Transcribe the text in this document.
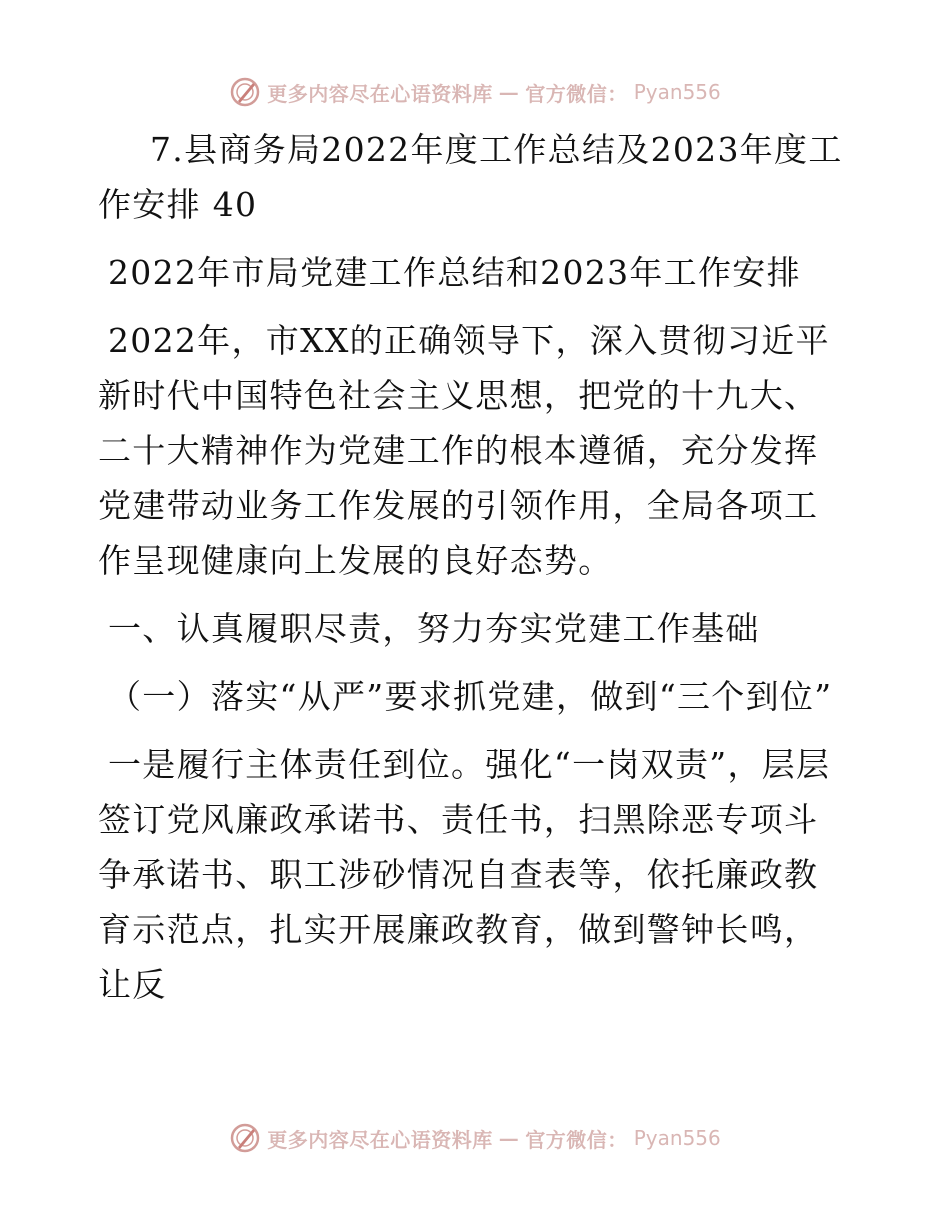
更多内容尽在心语资料库 — 官方微信： Pyan556

7.县商务局2022年度工作总结及2023年度工作安排 40

2022年市局党建工作总结和2023年工作安排

2022年，市XX的正确领导下，深入贯彻习近平新时代中国特色社会主义思想，把党的十九大、二十大精神作为党建工作的根本遵循，充分发挥党建带动业务工作发展的引领作用，全局各项工作呈现健康向上发展的良好态势。

一、认真履职尽责，努力夯实党建工作基础

（一）落实“从严”要求抓党建，做到“三个到位”

一是履行主体责任到位。强化“一岗双责”，层层签订党风廉政承诺书、责任书，扫黑除恶专项斗争承诺书、职工涉砂情况自查表等，依托廉政教育示范点，扎实开展廉政教育，做到警钟长鸣，让反

更多内容尽在心语资料库 — 官方微信： Pyan556
